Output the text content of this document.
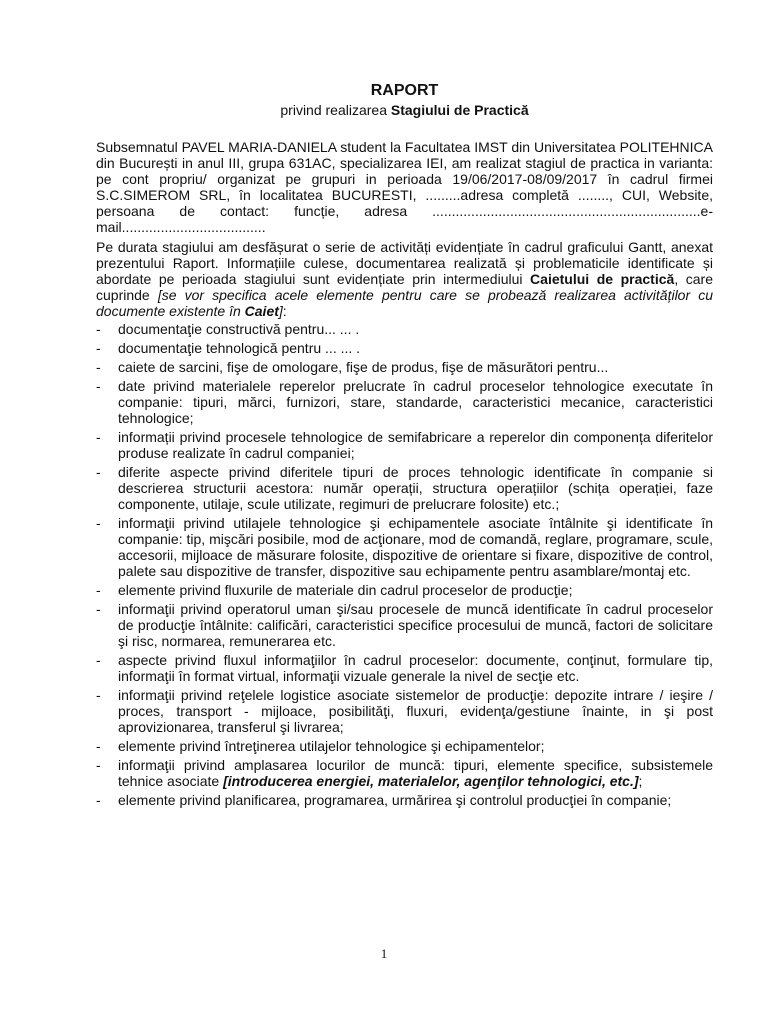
RAPORT

privind realizarea Stagiului de Practică

Subsemnatul PAVEL MARIA-DANIELA student la Facultatea IMST din Universitatea POLITEHNICA din București in anul III, grupa 631AC, specializarea IEI, am realizat stagiul de practica in varianta: pe cont propriu/ organizat pe grupuri in perioada 19/06/2017-08/09/2017 în cadrul firmei S.C.SIMEROM SRL, în localitatea BUCURESTI, .........adresa completă ........, CUI, Website, persoana de contact: funcție, adresa .....................................................................e-mail.....................................

Pe durata stagiului am desfășurat o serie de activități evidențiate în cadrul graficului Gantt, anexat prezentului Raport. Informațiile culese, documentarea realizată și problematicile identificate și abordate pe perioada stagiului sunt evidențiate prin intermediului Caietului de practică, care cuprinde [se vor specifica acele elemente pentru care se probează realizarea activităților cu documente existente în Caiet]:

- documentaţie constructivă pentru... ... .
- documentaţie tehnologică pentru ... ... .
- caiete de sarcini, fişe de omologare, fişe de produs, fişe de măsurători pentru...
- date privind materialele reperelor prelucrate în cadrul proceselor tehnologice executate în companie: tipuri, mărci, furnizori, stare, standarde, caracteristici mecanice, caracteristici tehnologice;
- informații privind procesele tehnologice de semifabricare a reperelor din componența diferitelor produse realizate în cadrul companiei;
- diferite aspecte privind diferitele tipuri de proces tehnologic identificate în companie si descrierea structurii acestora: număr operații, structura operațiilor (schița operației, faze componente, utilaje, scule utilizate, regimuri de prelucrare folosite) etc.;
- informaţii privind utilajele tehnologice şi echipamentele asociate întâlnite şi identificate în companie: tip, mişcări posibile, mod de acţionare, mod de comandă, reglare, programare, scule, accesorii, mijloace de măsurare folosite, dispozitive de orientare si fixare, dispozitive de control, palete sau dispozitive de transfer, dispozitive sau echipamente pentru asamblare/montaj etc.
- elemente privind fluxurile de materiale din cadrul proceselor de producţie;
- informaţii privind operatorul uman şi/sau procesele de muncă identificate în cadrul proceselor de producţie întâlnite: calificări, caracteristici specifice procesului de muncă, factori de solicitare şi risc, normarea, remunerarea etc.
- aspecte privind fluxul informaţiilor în cadrul proceselor: documente, conţinut, formulare tip, informaţii în format virtual, informaţii vizuale generale la nivel de secţie etc.
- informaţii privind reţelele logistice asociate sistemelor de producţie: depozite intrare / ieşire / proces, transport - mijloace, posibilităţi, fluxuri, evidenţa/gestiune înainte, in şi post aprovizionarea, transferul şi livrarea;
- elemente privind întreţinerea utilajelor tehnologice şi echipamentelor;
- informaţii privind amplasarea locurilor de muncă: tipuri, elemente specifice, subsistemele tehnice asociate [introducerea energiei, materialelor, agenţilor tehnologici, etc.];
- elemente privind planificarea, programarea, urmărirea şi controlul producţiei în companie;
1
